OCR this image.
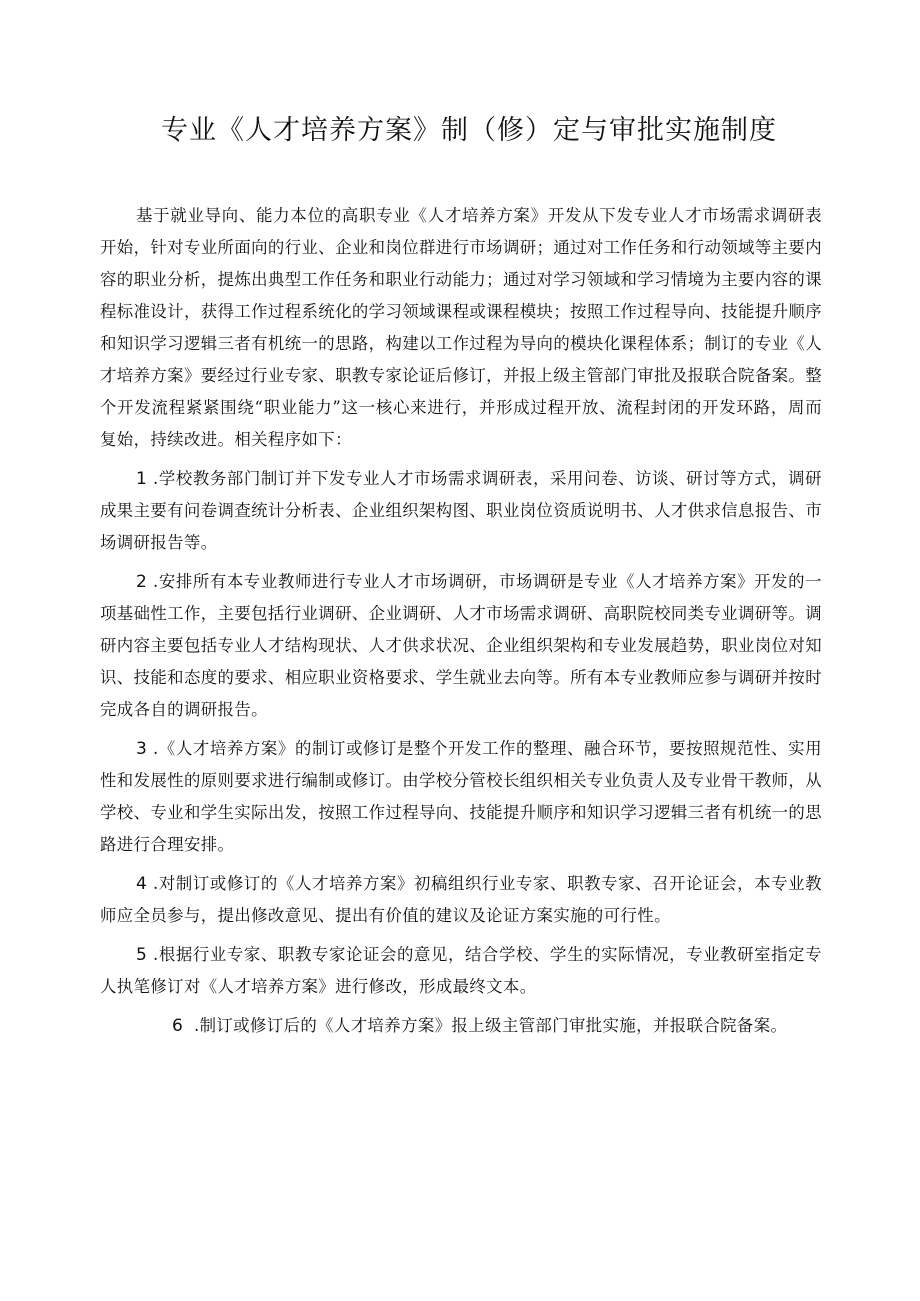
专业《人才培养方案》制（修）定与审批实施制度

基于就业导向、能力本位的高职专业《人才培养方案》开发从下发专业人才市场需求调研表开始，针对专业所面向的行业、企业和岗位群进行市场调研；通过对工作任务和行动领域等主要内容的职业分析，提炼出典型工作任务和职业行动能力；通过对学习领域和学习情境为主要内容的课程标准设计，获得工作过程系统化的学习领域课程或课程模块；按照工作过程导向、技能提升顺序和知识学习逻辑三者有机统一的思路，构建以工作过程为导向的模块化课程体系；制订的专业《人才培养方案》要经过行业专家、职教专家论证后修订，并报上级主管部门审批及报联合院备案。整个开发流程紧紧围绕“职业能力”这一核心来进行，并形成过程开放、流程封闭的开发环路，周而复始，持续改进。相关程序如下：

1 .学校教务部门制订并下发专业人才市场需求调研表，采用问卷、访谈、研讨等方式，调研成果主要有问卷调查统计分析表、企业组织架构图、职业岗位资质说明书、人才供求信息报告、市场调研报告等。

2 .安排所有本专业教师进行专业人才市场调研，市场调研是专业《人才培养方案》开发的一项基础性工作，主要包括行业调研、企业调研、人才市场需求调研、高职院校同类专业调研等。调研内容主要包括专业人才结构现状、人才供求状况、企业组织架构和专业发展趋势，职业岗位对知识、技能和态度的要求、相应职业资格要求、学生就业去向等。所有本专业教师应参与调研并按时完成各自的调研报告。

3 .《人才培养方案》的制订或修订是整个开发工作的整理、融合环节，要按照规范性、实用性和发展性的原则要求进行编制或修订。由学校分管校长组织相关专业负责人及专业骨干教师，从学校、专业和学生实际出发，按照工作过程导向、技能提升顺序和知识学习逻辑三者有机统一的思路进行合理安排。

4 .对制订或修订的《人才培养方案》初稿组织行业专家、职教专家、召开论证会，本专业教师应全员参与，提出修改意见、提出有价值的建议及论证方案实施的可行性。

5 .根据行业专家、职教专家论证会的意见，结合学校、学生的实际情况，专业教研室指定专人执笔修订对《人才培养方案》进行修改，形成最终文本。

6 .制订或修订后的《人才培养方案》报上级主管部门审批实施，并报联合院备案。
